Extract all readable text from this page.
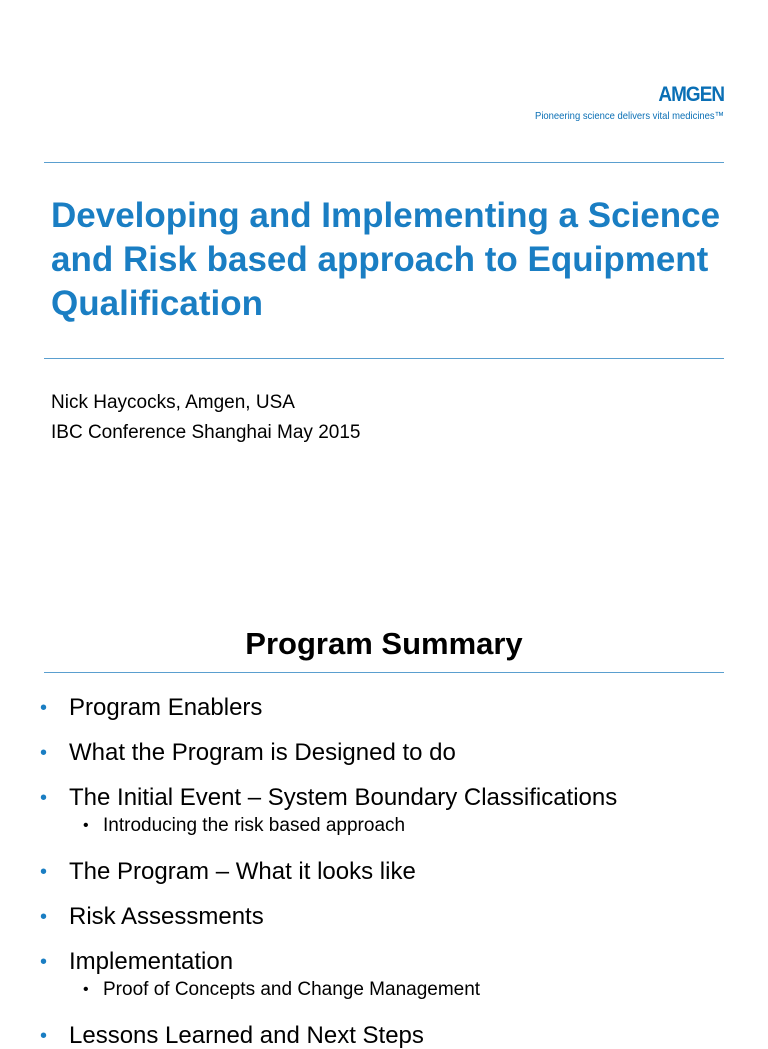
AMGEN
Pioneering science delivers vital medicines™
Developing and Implementing a Science and Risk based approach to Equipment Qualification
Nick Haycocks, Amgen, USA
IBC Conference Shanghai May 2015
Program Summary
• Program Enablers
• What the Program is Designed to do
• The Initial Event – System Boundary Classifications
• Introducing the risk based approach
• The Program – What it looks like
• Risk Assessments
• Implementation
• Proof of Concepts and Change Management
• Lessons Learned and Next Steps
